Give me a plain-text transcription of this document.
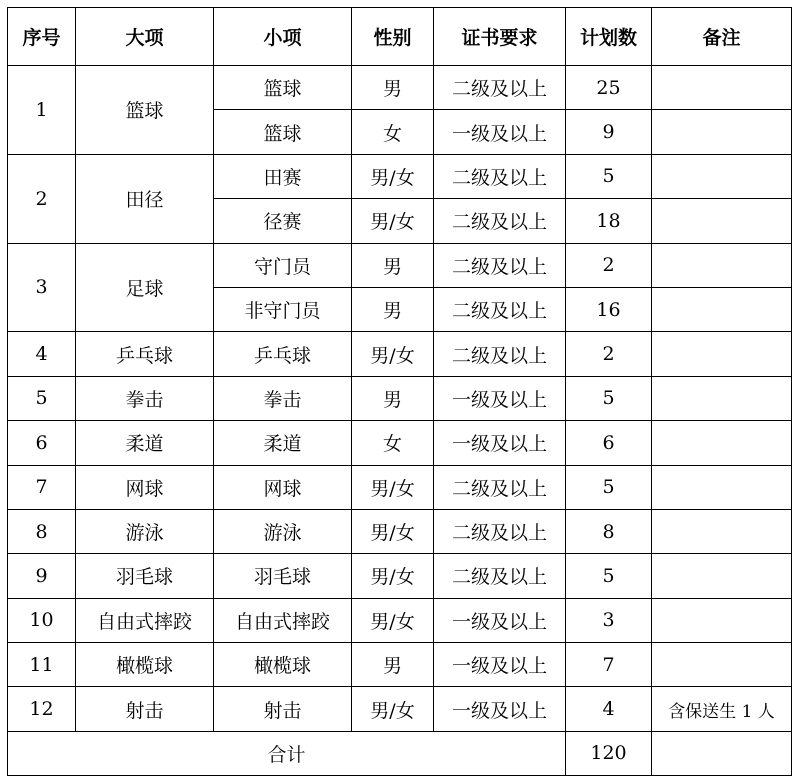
序号	大项	小项	性别	证书要求	计划数	备注
1	篮球	篮球	男	二级及以上	25	
		篮球	女	一级及以上	9	
2	田径	田赛	男/女	二级及以上	5	
		径赛	男/女	二级及以上	18	
3	足球	守门员	男	二级及以上	2	
		非守门员	男	二级及以上	16	
4	乒乓球	乒乓球	男/女	二级及以上	2	
5	拳击	拳击	男	一级及以上	5	
6	柔道	柔道	女	一级及以上	6	
7	网球	网球	男/女	二级及以上	5	
8	游泳	游泳	男/女	二级及以上	8	
9	羽毛球	羽毛球	男/女	二级及以上	5	
10	自由式摔跤	自由式摔跤	男/女	一级及以上	3	
11	橄榄球	橄榄球	男	一级及以上	7	
12	射击	射击	男/女	一级及以上	4	含保送生 1 人
合计					120	
